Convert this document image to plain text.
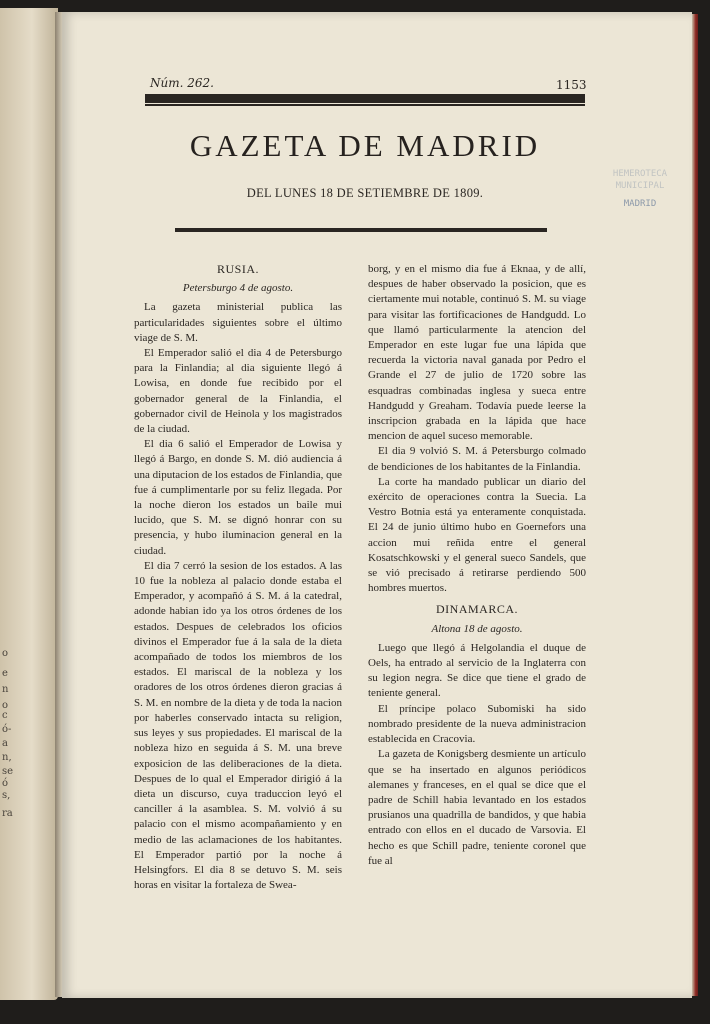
o
e
n
o
c
ó-
a
n,
se
ó
s,
ra
Núm. 262.	1153
GAZETA DE MADRID
DEL LUNES 18 DE SETIEMBRE DE 1809.
HEMEROTECA
MUNICIPAL
MADRID

RUSIA.

Petersburgo 4 de agosto.

La gazeta ministerial publica las particularidades siguientes sobre el último viage de S. M.

El Emperador salió el dia 4 de Petersburgo para la Finlandia; al dia siguiente llegó á Lowisa, en donde fue recibido por el gobernador general de la Finlandia, el gobernador civil de Heinola y los magistrados de la ciudad.

El dia 6 salió el Emperador de Lowisa y llegó á Bargo, en donde S. M. dió audiencia á una diputacion de los estados de Finlandia, que fue á cumplimentarle por su feliz llegada. Por la noche dieron los estados un baile mui lucido, que S. M. se dignó honrar con su presencia, y hubo iluminacion general en la ciudad.

El dia 7 cerró la sesion de los estados. A las 10 fue la nobleza al palacio donde estaba el Emperador, y acompañó á S. M. á la catedral, adonde habian ido ya los otros órdenes de los estados. Despues de celebrados los oficios divinos el Emperador fue á la sala de la dieta acompañado de todos los miembros de los estados. El mariscal de la nobleza y los oradores de los otros órdenes dieron gracias á S. M. en nombre de la dieta y de toda la nacion por haberles conservado intacta su religion, sus leyes y sus propiedades. El mariscal de la nobleza hizo en seguida á S. M. una breve exposicion de las deliberaciones de la dieta. Despues de lo qual el Emperador dirigió á la dieta un discurso, cuya traduccion leyó el canciller á la asamblea. S. M. volvió á su palacio con el mismo acompañamiento y en medio de las aclamaciones de los habitantes. El Emperador partió por la noche á Helsingfors. El dia 8 se detuvo S. M. seis horas en visitar la fortaleza de Swea-

borg, y en el mismo dia fue á Eknaa, y de allí, despues de haber observado la posicion, que es ciertamente mui notable, continuó S. M. su viage para visitar las fortificaciones de Handgudd. Lo que llamó particularmente la atencion del Emperador en este lugar fue una lápida que recuerda la victoria naval ganada por Pedro el Grande el 27 de julio de 1720 sobre las esquadras combinadas inglesa y sueca entre Handgudd y Greaham. Todavía puede leerse la inscripcion grabada en la lápida que hace mencion de aquel suceso memorable.

El dia 9 volvió S. M. á Petersburgo colmado de bendiciones de los habitantes de la Finlandia.

La corte ha mandado publicar un diario del exército de operaciones contra la Suecia. La Vestro Botnia está ya enteramente conquistada. El 24 de junio último hubo en Goernefors una accion mui reñida entre el general Kosatschkowski y el general sueco Sandels, que se vió precisado á retirarse perdiendo 500 hombres muertos.

DINAMARCA.

Altona 18 de agosto.

Luego que llegó á Helgolandia el duque de Oels, ha entrado al servicio de la Inglaterra con su legion negra. Se dice que tiene el grado de teniente general.

El príncipe polaco Subomiski ha sido nombrado presidente de la nueva administracion establecida en Cracovia.

La gazeta de Konigsberg desmiente un artículo que se ha insertado en algunos periódicos alemanes y franceses, en el qual se dice que el padre de Schill habia levantado en los estados prusianos una quadrilla de bandidos, y que habia entrado con ellos en el ducado de Varsovia. El hecho es que Schill padre, teniente coronel que fue al
